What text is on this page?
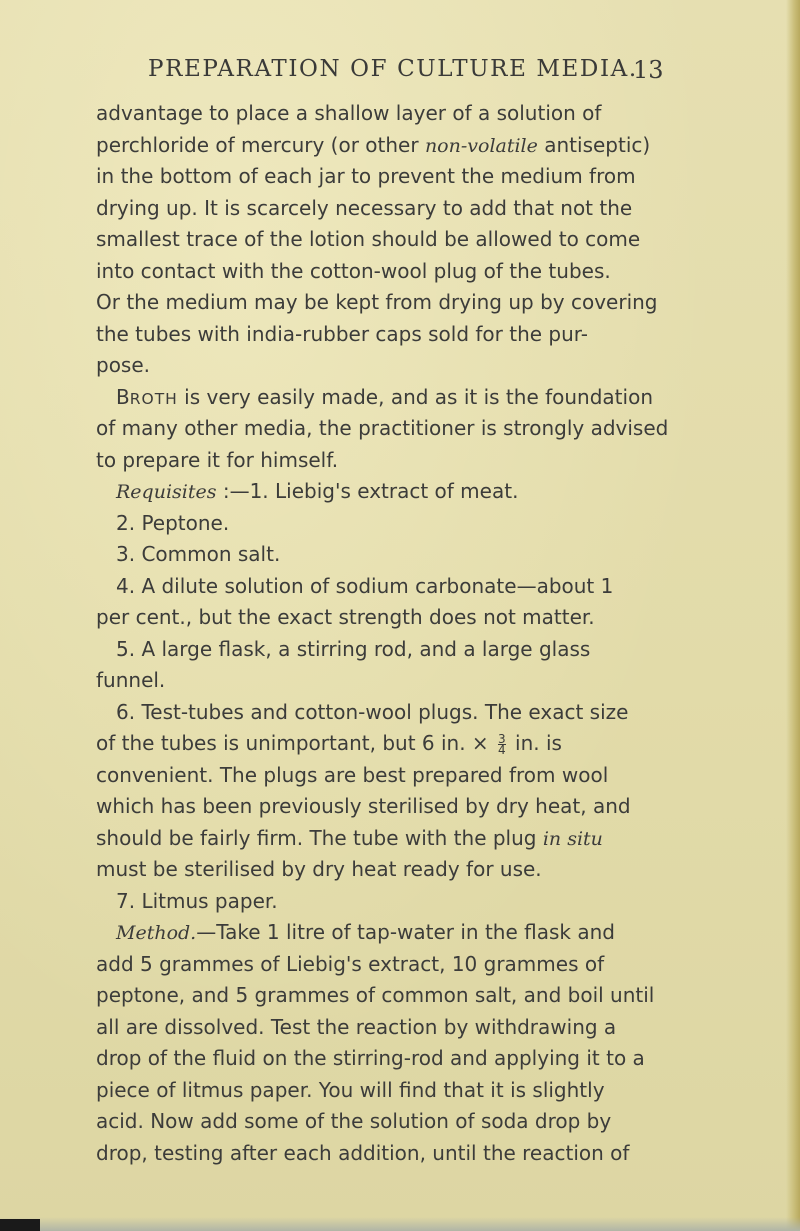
PREPARATION OF CULTURE MEDIA.
13
advantage to place a shallow layer of a solution of
perchloride of mercury (or other non-volatile antiseptic)
in the bottom of each jar to prevent the medium from
drying up. It is scarcely necessary to add that not the
smallest trace of the lotion should be allowed to come
into contact with the cotton-wool plug of the tubes.
Or the medium may be kept from drying up by covering
the tubes with india-rubber caps sold for the pur-
pose.
BROTH is very easily made, and as it is the foundation
of many other media, the practitioner is strongly advised
to prepare it for himself.
Requisites :—1. Liebig's extract of meat.
2. Peptone.
3. Common salt.
4. A dilute solution of sodium carbonate—about 1
per cent., but the exact strength does not matter.
5. A large flask, a stirring rod, and a large glass
funnel.
6. Test-tubes and cotton-wool plugs. The exact size
of the tubes is unimportant, but 6 in. × $\frac{3}{4}$ in. is
convenient. The plugs are best prepared from wool
which has been previously sterilised by dry heat, and
should be fairly firm. The tube with the plug in situ
must be sterilised by dry heat ready for use.
7. Litmus paper.
Method.—Take 1 litre of tap-water in the flask and
add 5 grammes of Liebig's extract, 10 grammes of
peptone, and 5 grammes of common salt, and boil until
all are dissolved. Test the reaction by withdrawing a
drop of the fluid on the stirring-rod and applying it to a
piece of litmus paper. You will find that it is slightly
acid. Now add some of the solution of soda drop by
drop, testing after each addition, until the reaction of
